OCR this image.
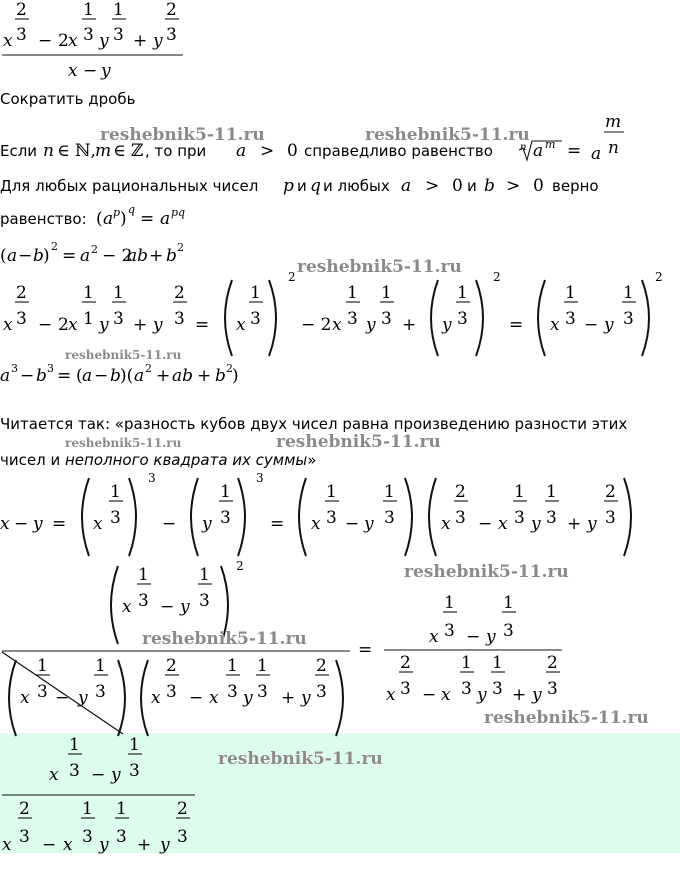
x
2
3 − 2 x
1
3 y
1
3 + y
2
3
x − y
Сократить дробь
Если n ∈ ℕ, m ∈ ℤ , то при a > 0 справедливо равенство	n a m = a
m
n
Для любых рациональных чисел p и q и любых a > 0 и b > 0 верно
равенство: ( a p ) q = a pq
( a − b ) 2 = a 2 − 2
ab + b 2
x
2
3 − 2 x
1
1 y
1
3 + y
2
3 = x
1
3
2
− 2 x
1
3 y
1
3 + y
1
3
2
= x
1
3 − y
1
3
2
a 3 − b 3 = ( a − b )( a 2 + ab + b 2 )
Читается так: «разность кубов двух чисел равна произведению разности этих
чисел и неполного квадрата их суммы»
x − y = x
1
3
3
− y
1
3
3
= x
1
3 − y
1
3	x
2
3 − x
1
3 y
1
3 + y
2
3
x
1
3 − y
1
3
2
x
1
3 − y
1
3	x
2
3 − x
1
3 y
1
3 + y
2
3
=
x
1
3 − y
1
3
x
2
3 − x
1
3 y
1
3 + y
2
3
x
1
3 − y
1
3
x
2
3 − x
1
3 y
1
3 + y
2
3
reshebnik5-11.ru	reshebnik5-11.ru
reshebnik5-11.ru
reshebnik5-11.ru
reshebnik5-11.ru	reshebnik5-11.ru
reshebnik5-11.ru
reshebnik5-11.ru
reshebnik5-11.ru
reshebnik5-11.ru
